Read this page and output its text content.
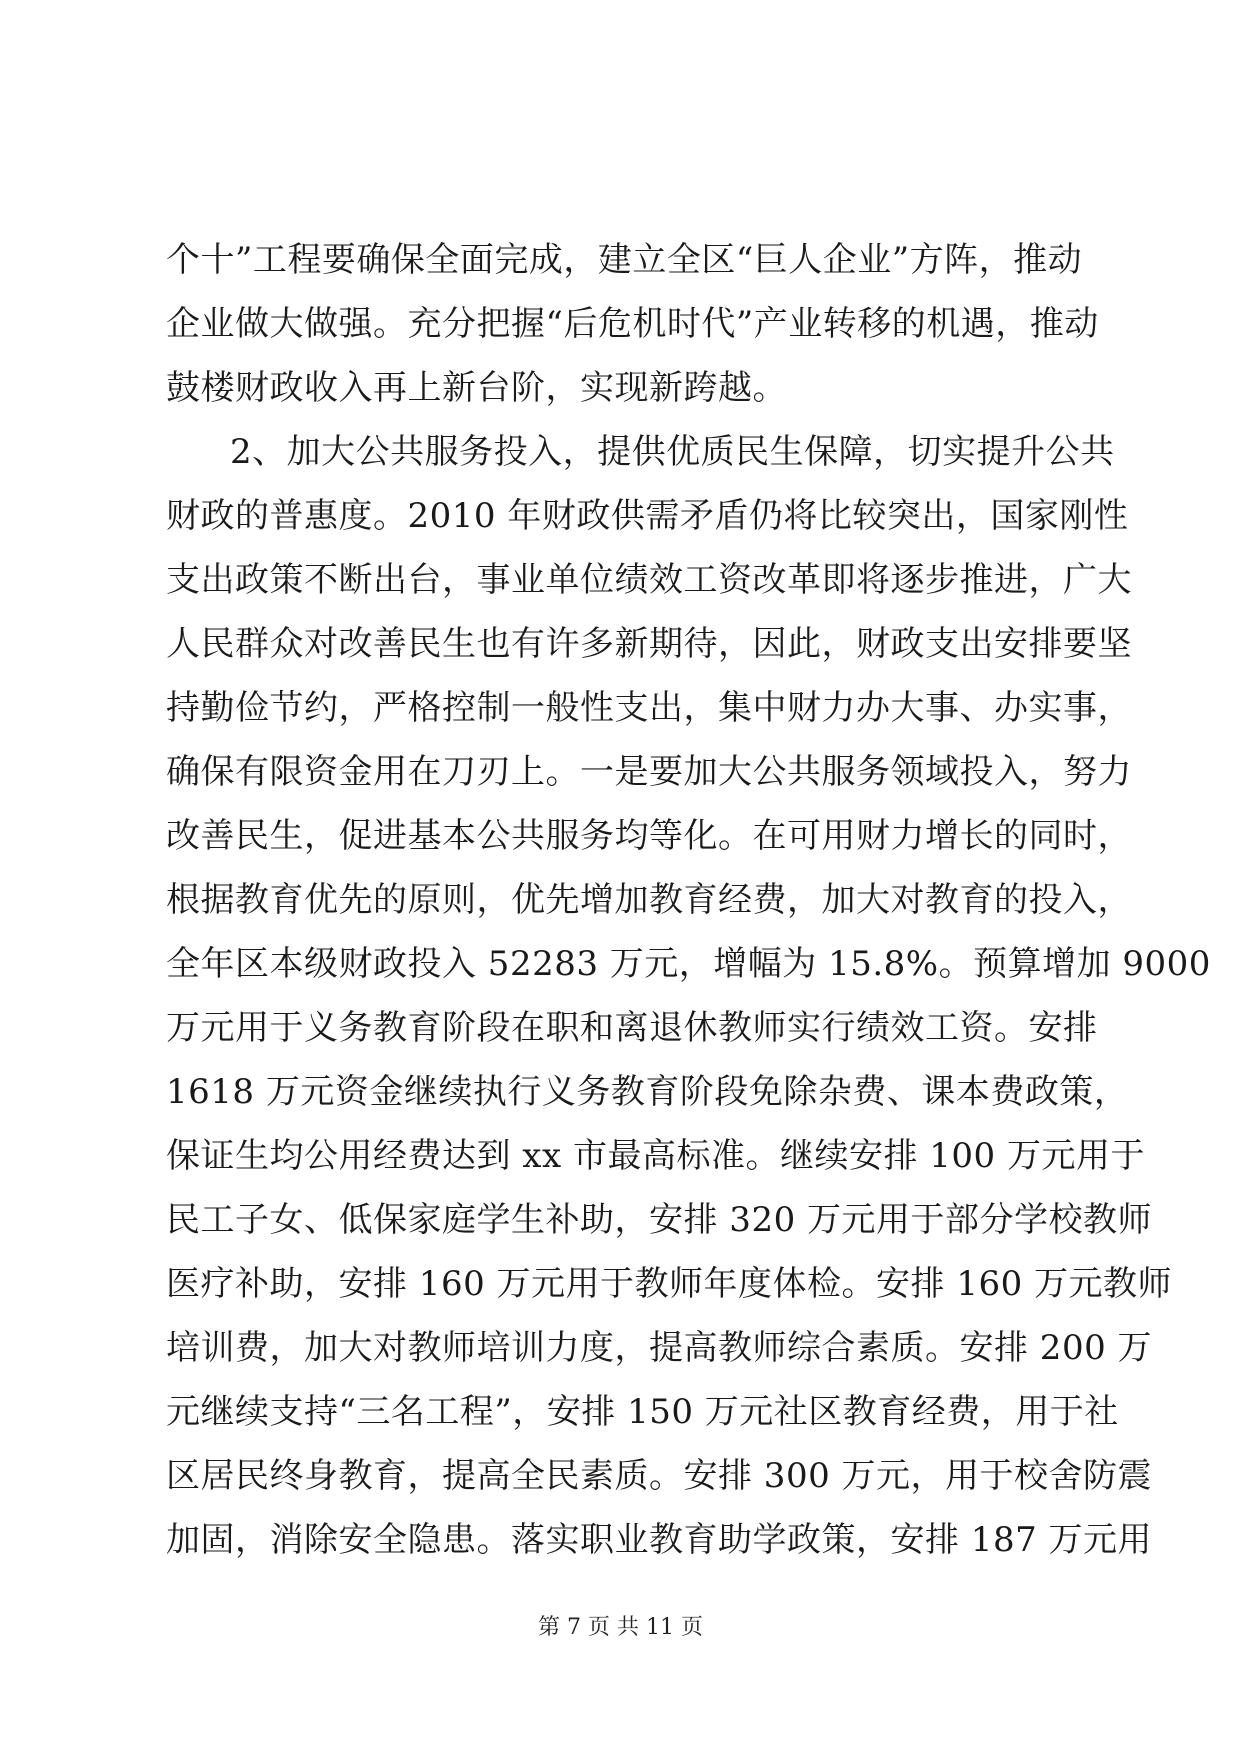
个十”工程要确保全面完成，建立全区“巨人企业”方阵，推动
企业做大做强。充分把握“后危机时代”产业转移的机遇，推动
鼓楼财政收入再上新台阶，实现新跨越。
2、加大公共服务投入，提供优质民生保障，切实提升公共
财政的普惠度。2010 年财政供需矛盾仍将比较突出，国家刚性
支出政策不断出台，事业单位绩效工资改革即将逐步推进，广大
人民群众对改善民生也有许多新期待，因此，财政支出安排要坚
持勤俭节约，严格控制一般性支出，集中财力办大事、办实事，
确保有限资金用在刀刃上。一是要加大公共服务领域投入，努力
改善民生，促进基本公共服务均等化。在可用财力增长的同时，
根据教育优先的原则，优先增加教育经费，加大对教育的投入，
全年区本级财政投入 52283 万元，增幅为 15.8%。预算增加 9000
万元用于义务教育阶段在职和离退休教师实行绩效工资。安排
1618 万元资金继续执行义务教育阶段免除杂费、课本费政策，
保证生均公用经费达到 xx 市最高标准。继续安排 100 万元用于
民工子女、低保家庭学生补助，安排 320 万元用于部分学校教师
医疗补助，安排 160 万元用于教师年度体检。安排 160 万元教师
培训费，加大对教师培训力度，提高教师综合素质。安排 200 万
元继续支持“三名工程”，安排 150 万元社区教育经费，用于社
区居民终身教育，提高全民素质。安排 300 万元，用于校舍防震
加固，消除安全隐患。落实职业教育助学政策，安排 187 万元用
第 7 页 共 11 页
